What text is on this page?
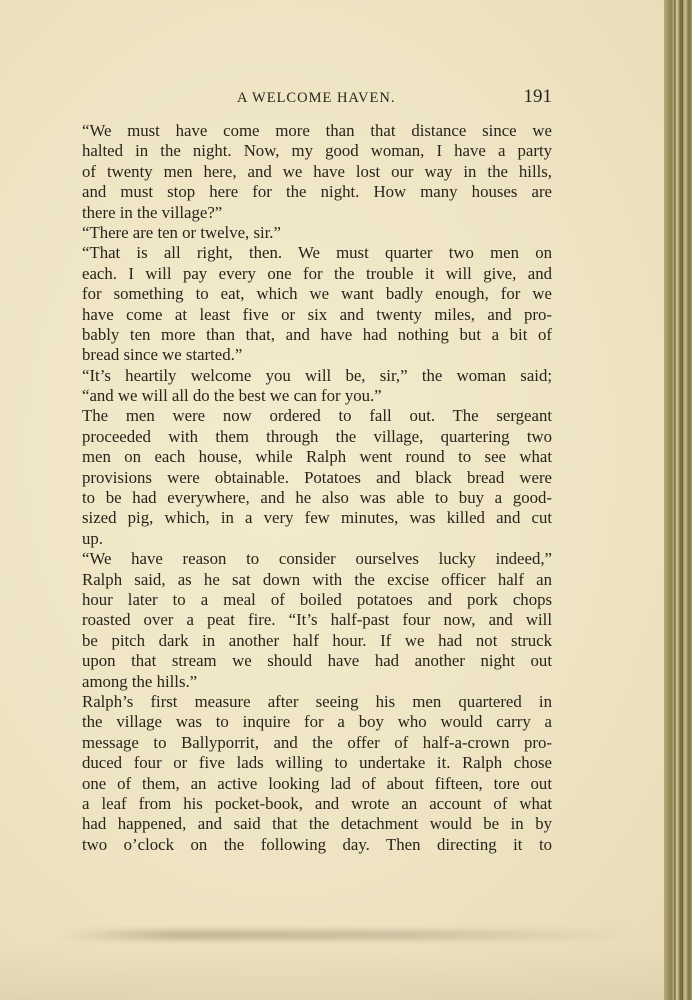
A WELCOME HAVEN.	191
“We must have come more than that distance since we
halted in the night. Now, my good woman, I have a party
of twenty men here, and we have lost our way in the hills,
and must stop here for the night. How many houses are
there in the village?”
“There are ten or twelve, sir.”
“That is all right, then. We must quarter two men on
each. I will pay every one for the trouble it will give, and
for something to eat, which we want badly enough, for we
have come at least five or six and twenty miles, and pro-
bably ten more than that, and have had nothing but a bit of
bread since we started.”
“It’s heartily welcome you will be, sir,” the woman said;
“and we will all do the best we can for you.”
The men were now ordered to fall out. The sergeant
proceeded with them through the village, quartering two
men on each house, while Ralph went round to see what
provisions were obtainable. Potatoes and black bread were
to be had everywhere, and he also was able to buy a good-
sized pig, which, in a very few minutes, was killed and cut
up.
“We have reason to consider ourselves lucky indeed,”
Ralph said, as he sat down with the excise officer half an
hour later to a meal of boiled potatoes and pork chops
roasted over a peat fire. “It’s half-past four now, and will
be pitch dark in another half hour. If we had not struck
upon that stream we should have had another night out
among the hills.”
Ralph’s first measure after seeing his men quartered in
the village was to inquire for a boy who would carry a
message to Ballyporrit, and the offer of half-a-crown pro-
duced four or five lads willing to undertake it. Ralph chose
one of them, an active looking lad of about fifteen, tore out
a leaf from his pocket-book, and wrote an account of what
had happened, and said that the detachment would be in by
two o’clock on the following day. Then directing it to
